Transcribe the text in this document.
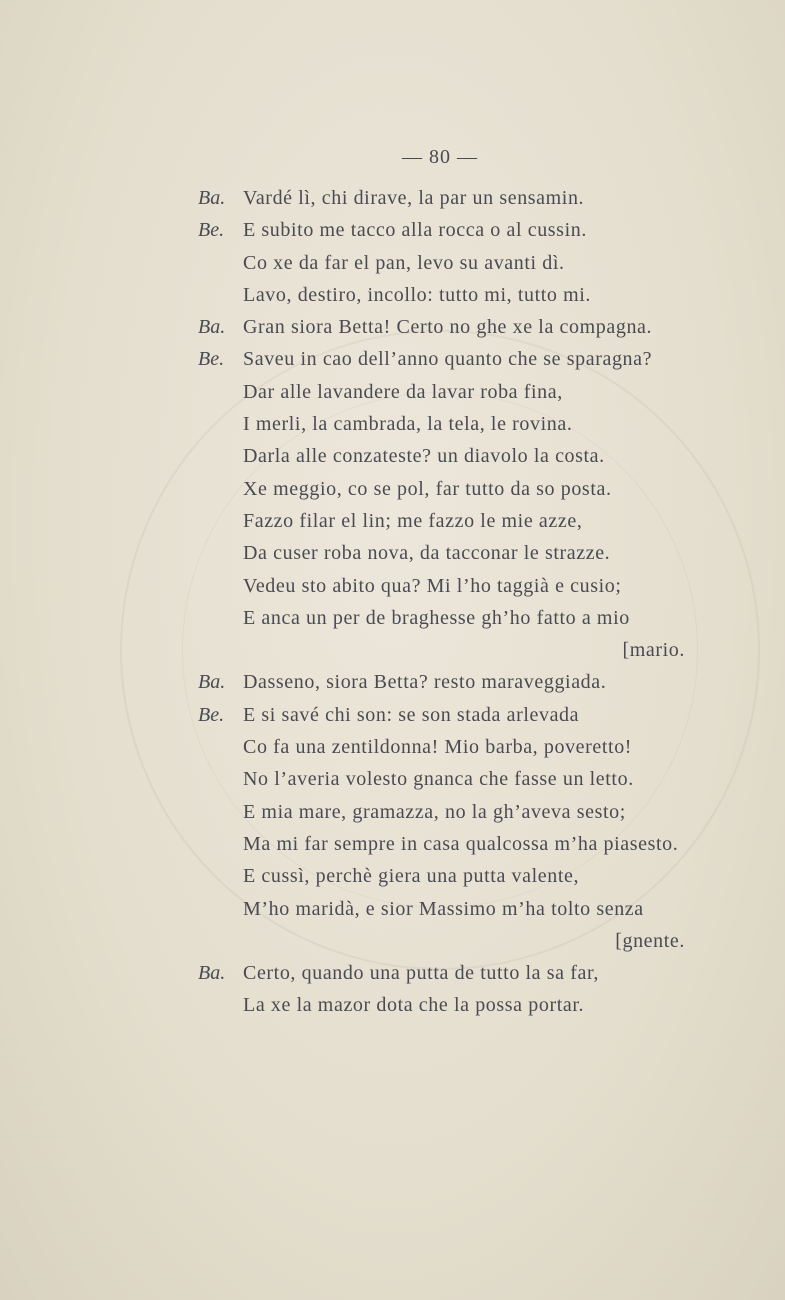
— 80 —
Ba. Vardé lì, chi dirave, la par un sensamin.
Be. E subito me tacco alla rocca o al cussin.
Co xe da far el pan, levo su avanti dì.
Lavo, destiro, incollo: tutto mi, tutto mi.
Ba. Gran siora Betta! Certo no ghe xe la compagna.
Be. Saveu in cao dell’anno quanto che se sparagna?
Dar alle lavandere da lavar roba fina,
I merli, la cambrada, la tela, le rovina.
Darla alle conzateste? un diavolo la costa.
Xe meggio, co se pol, far tutto da so posta.
Fazzo filar el lin; me fazzo le mie azze,
Da cuser roba nova, da tacconar le strazze.
Vedeu sto abito qua? Mi l’ho taggià e cusio;
E anca un per de braghesse gh’ho fatto a mio
[mario.
Ba. Dasseno, siora Betta? resto maraveggiada.
Be. E si savé chi son: se son stada arlevada
Co fa una zentildonna! Mio barba, poveretto!
No l’averia volesto gnanca che fasse un letto.
E mia mare, gramazza, no la gh’aveva sesto;
Ma mi far sempre in casa qualcossa m’ha piasesto.
E cussì, perchè giera una putta valente,
M’ho maridà, e sior Massimo m’ha tolto senza
[gnente.
Ba. Certo, quando una putta de tutto la sa far,
La xe la mazor dota che la possa portar.
